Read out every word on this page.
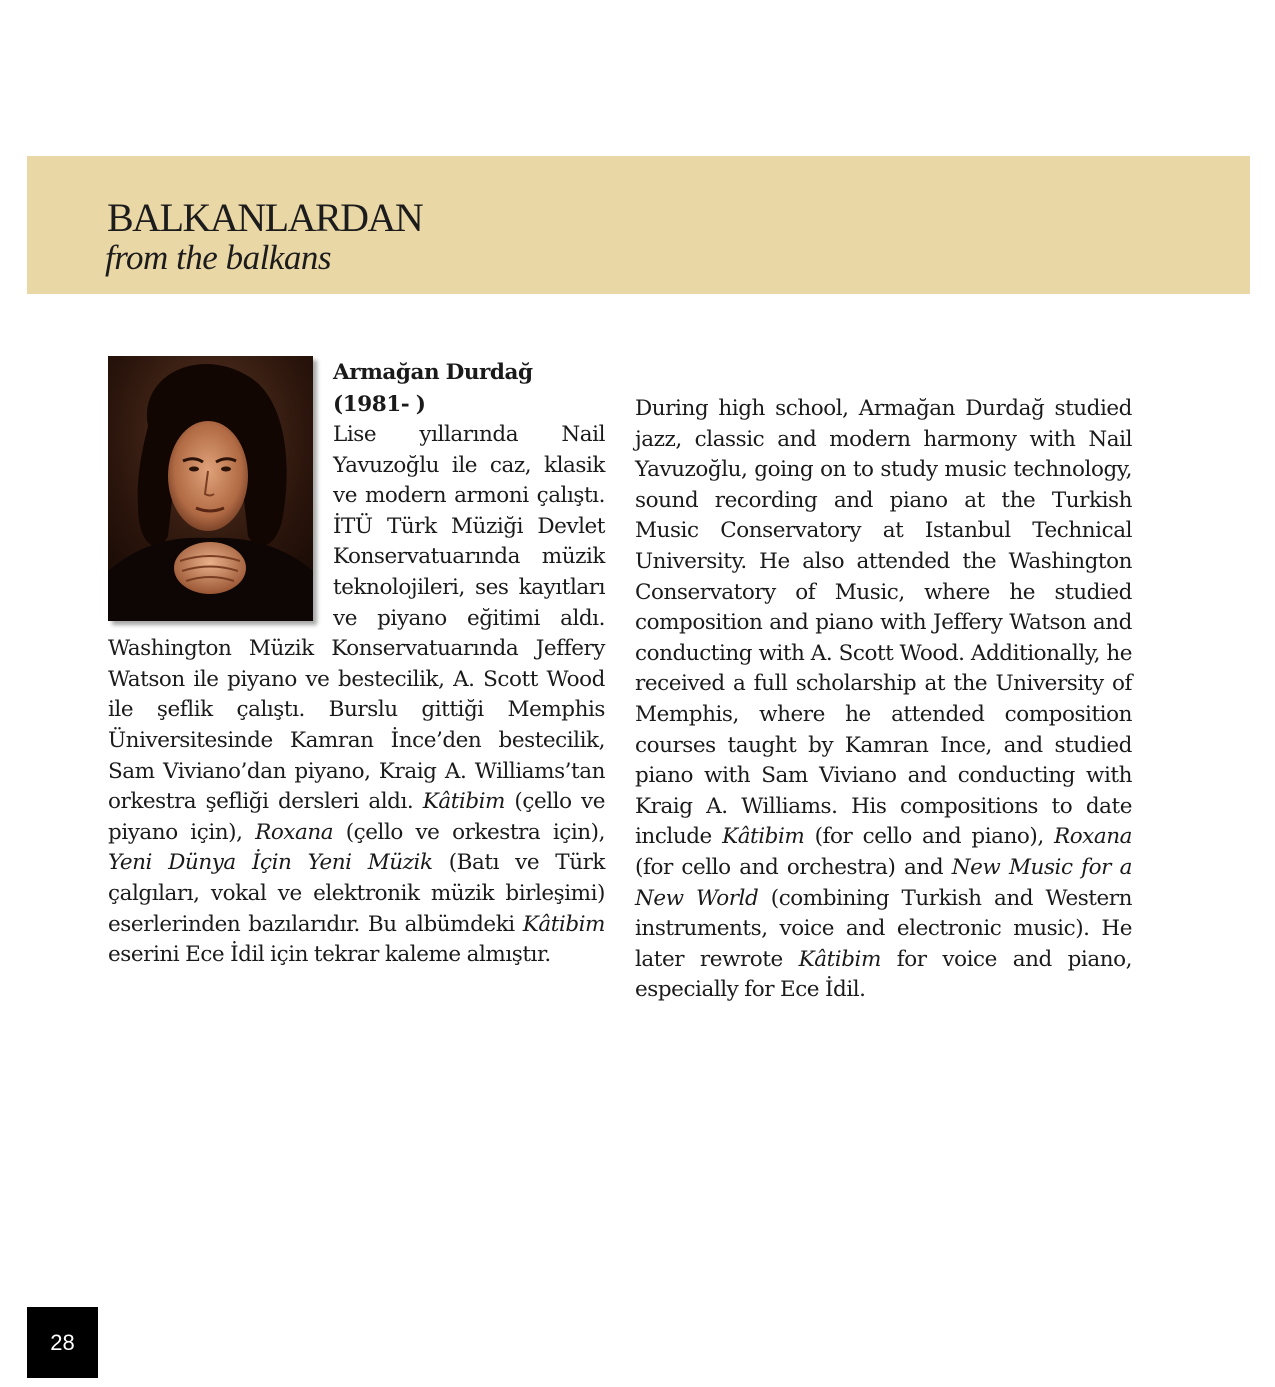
BALKANLARDAN
from the balkans
Armağan Durdağ
(1981- )

Lise yıllarında Nail Yavuzoğlu ile caz, klasik ve modern armoni çalıştı. İTÜ Türk Müziği Devlet Konservatuarında müzik teknolojileri, ses kayıtları ve piyano eğitimi aldı. Washington Müzik Konservatuarında Jeffery Watson ile piyano ve bestecilik, A. Scott Wood ile şeflik çalıştı. Burslu gittiği Memphis Üniversitesinde Kamran İnce’den bestecilik, Sam Viviano’dan piyano, Kraig A. Williams’tan orkestra şefliği dersleri aldı. Kâtibim (çello ve piyano için), Roxana (çello ve orkestra için), Yeni Dünya İçin Yeni Müzik (Batı ve Türk çalgıları, vokal ve elektronik müzik birleşimi) eserlerinden bazılarıdır. Bu albümdeki Kâtibim eserini Ece İdil için tekrar kaleme almıştır.

During high school, Armağan Durdağ studied jazz, classic and modern harmony with Nail Yavuzoğlu, going on to study music technology, sound recording and piano at the Turkish Music Conservatory at Istanbul Technical University. He also attended the Washington Conservatory of Music, where he studied composition and piano with Jeffery Watson and conducting with A. Scott Wood. Additionally, he received a full scholarship at the University of Memphis, where he attended composition courses taught by Kamran Ince, and studied piano with Sam Viviano and conducting with Kraig A. Williams. His compositions to date include Kâtibim (for cello and piano), Roxana (for cello and orchestra) and New Music for a New World (combining Turkish and Western instruments, voice and electronic music). He later rewrote Kâtibim for voice and piano, especially for Ece İdil.

28
